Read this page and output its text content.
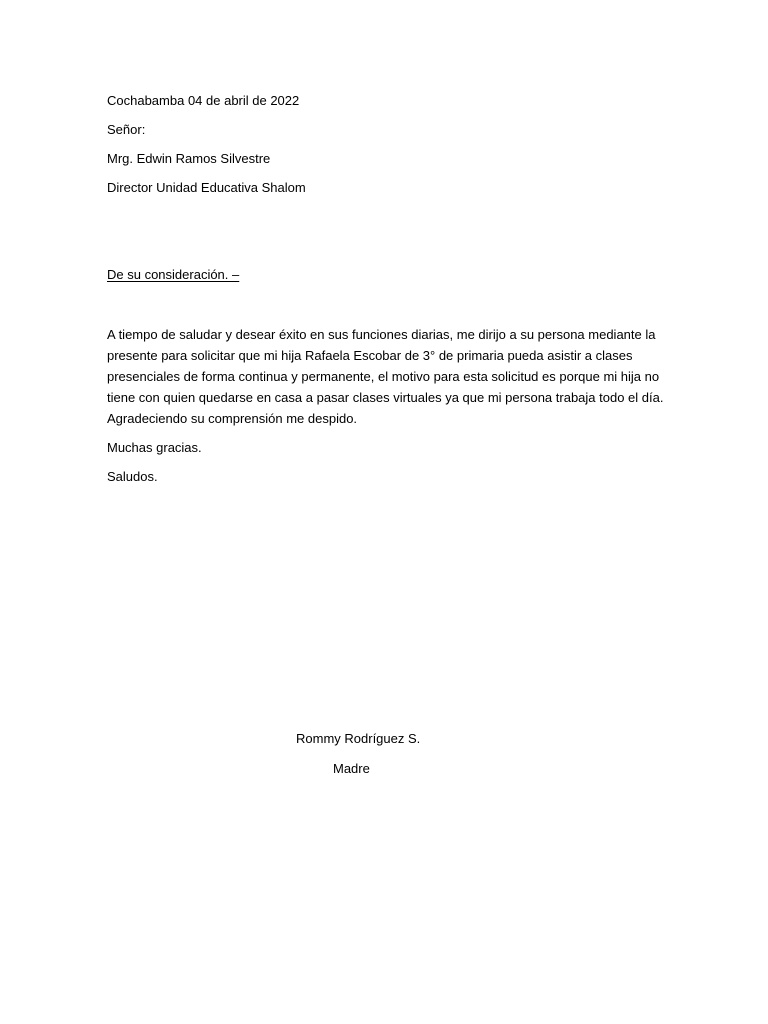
Cochabamba 04 de abril de 2022
Señor:
Mrg. Edwin Ramos Silvestre
Director Unidad Educativa Shalom
De su consideración. –
A tiempo de saludar y desear éxito en sus funciones diarias, me dirijo a su persona mediante la
presente para solicitar que mi hija Rafaela Escobar de 3° de primaria pueda asistir a clases
presenciales de forma continua y permanente, el motivo para esta solicitud es porque mi hija no
tiene con quien quedarse en casa a pasar clases virtuales ya que mi persona trabaja todo el día.
Agradeciendo su comprensión me despido.
Muchas gracias.
Saludos.
Rommy Rodríguez S.
Madre
